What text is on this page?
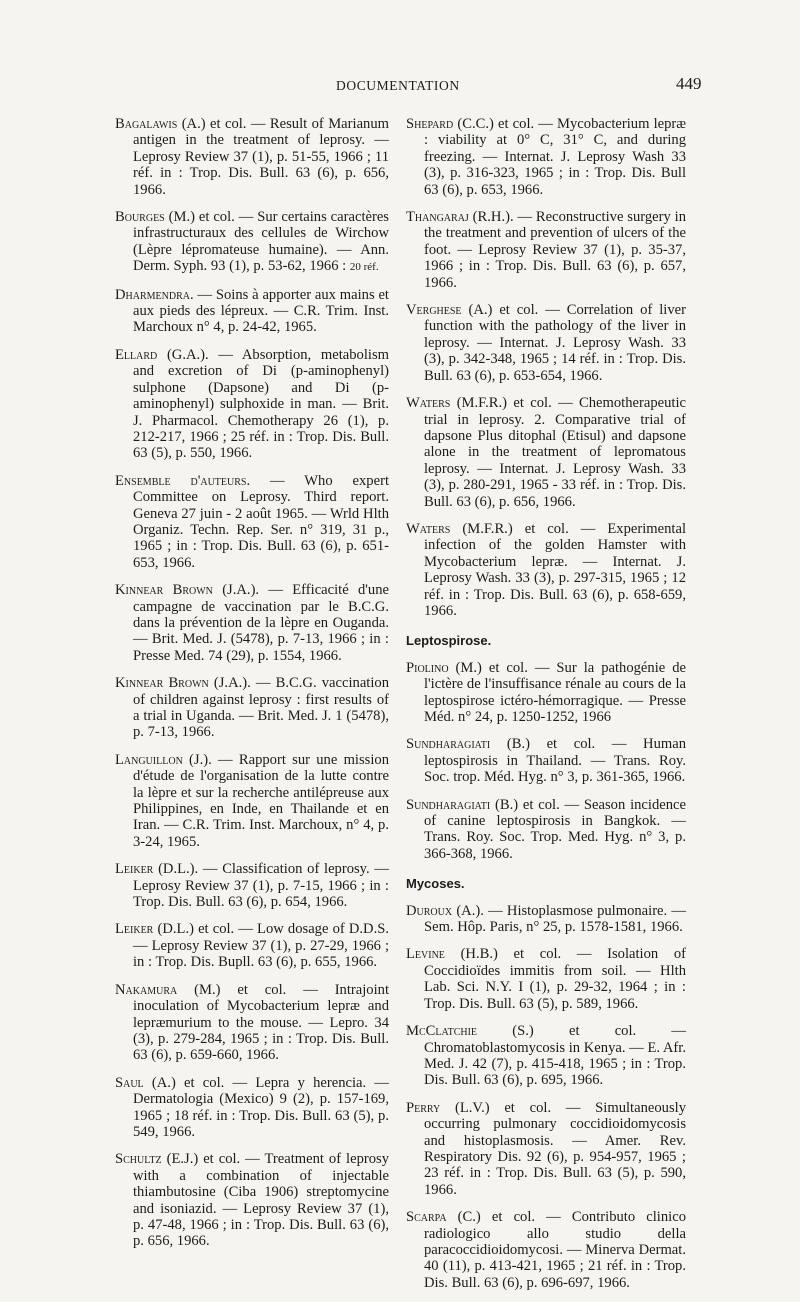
DOCUMENTATION	449

Bagalawis (A.) et col. — Result of Marianum antigen in the treatment of leprosy. — Leprosy Review 37 (1), p. 51-55, 1966 ; 11 réf. in : Trop. Dis. Bull. 63 (6), p. 656, 1966.

Bourges (M.) et col. — Sur certains caractères infrastructuraux des cellules de Wirchow (Lèpre lépromateuse humaine). — Ann. Derm. Syph. 93 (1), p. 53-62, 1966 : 20 réf.

Dharmendra. — Soins à apporter aux mains et aux pieds des lépreux. — C.R. Trim. Inst. Marchoux n° 4, p. 24-42, 1965.

Ellard (G.A.). — Absorption, metabolism and excretion of Di (p-aminophenyl) sulphone (Dapsone) and Di (p-aminophenyl) sulphoxide in man. — Brit. J. Pharmacol. Chemotherapy 26 (1), p. 212-217, 1966 ; 25 réf. in : Trop. Dis. Bull. 63 (5), p. 550, 1966.

Ensemble d'auteurs. — Who expert Committee on Leprosy. Third report. Geneva 27 juin - 2 août 1965. — Wrld Hlth Organiz. Techn. Rep. Ser. n° 319, 31 p., 1965 ; in : Trop. Dis. Bull. 63 (6), p. 651-653, 1966.

Kinnear Brown (J.A.). — Efficacité d'une campagne de vaccination par le B.C.G. dans la prévention de la lèpre en Ouganda. — Brit. Med. J. (5478), p. 7-13, 1966 ; in : Presse Med. 74 (29), p. 1554, 1966.

Kinnear Brown (J.A.). — B.C.G. vaccination of children against leprosy : first results of a trial in Uganda. — Brit. Med. J. 1 (5478), p. 7-13, 1966.

Languillon (J.). — Rapport sur une mission d'étude de l'organisation de la lutte contre la lèpre et sur la recherche antilépreuse aux Philippines, en Inde, en Thailande et en Iran. — C.R. Trim. Inst. Marchoux, n° 4, p. 3-24, 1965.

Leiker (D.L.). — Classification of leprosy. — Leprosy Review 37 (1), p. 7-15, 1966 ; in : Trop. Dis. Bull. 63 (6), p. 654, 1966.

Leiker (D.L.) et col. — Low dosage of D.D.S. — Leprosy Review 37 (1), p. 27-29, 1966 ; in : Trop. Dis. Bupll. 63 (6), p. 655, 1966.

Nakamura (M.) et col. — Intrajoint inoculation of Mycobacterium lepræ and lepræmurium to the mouse. — Lepro. 34 (3), p. 279-284, 1965 ; in : Trop. Dis. Bull. 63 (6), p. 659-660, 1966.

Saul (A.) et col. — Lepra y herencia. — Dermatologia (Mexico) 9 (2), p. 157-169, 1965 ; 18 réf. in : Trop. Dis. Bull. 63 (5), p. 549, 1966.

Schultz (E.J.) et col. — Treatment of leprosy with a combination of injectable thiambutosine (Ciba 1906) streptomycine and isoniazid. — Leprosy Review 37 (1), p. 47-48, 1966 ; in : Trop. Dis. Bull. 63 (6), p. 656, 1966.

Shepard (C.C.) et col. — Mycobacterium lepræ : viability at 0° C, 31° C, and during freezing. — Internat. J. Leprosy Wash 33 (3), p. 316-323, 1965 ; in : Trop. Dis. Bull 63 (6), p. 653, 1966.

Thangaraj (R.H.). — Reconstructive surgery in the treatment and prevention of ulcers of the foot. — Leprosy Review 37 (1), p. 35-37, 1966 ; in : Trop. Dis. Bull. 63 (6), p. 657, 1966.

Verghese (A.) et col. — Correlation of liver function with the pathology of the liver in leprosy. — Internat. J. Leprosy Wash. 33 (3), p. 342-348, 1965 ; 14 réf. in : Trop. Dis. Bull. 63 (6), p. 653-654, 1966.

Waters (M.F.R.) et col. — Chemotherapeutic trial in leprosy. 2. Comparative trial of dapsone Plus ditophal (Etisul) and dapsone alone in the treatment of lepromatous leprosy. — Internat. J. Leprosy Wash. 33 (3), p. 280-291, 1965 - 33 réf. in : Trop. Dis. Bull. 63 (6), p. 656, 1966.

Waters (M.F.R.) et col. — Experimental infection of the golden Hamster with Mycobacterium lepræ. — Internat. J. Leprosy Wash. 33 (3), p. 297-315, 1965 ; 12 réf. in : Trop. Dis. Bull. 63 (6), p. 658-659, 1966.

Leptospirose.

Piolino (M.) et col. — Sur la pathogénie de l'ictère de l'insuffisance rénale au cours de la leptospirose ictéro-hémorragique. — Presse Méd. n° 24, p. 1250-1252, 1966

Sundharagiati (B.) et col. — Human leptospirosis in Thailand. — Trans. Roy. Soc. trop. Méd. Hyg. n° 3, p. 361-365, 1966.

Sundharagiati (B.) et col. — Season incidence of canine leptospirosis in Bangkok. — Trans. Roy. Soc. Trop. Med. Hyg. n° 3, p. 366-368, 1966.

Mycoses.

Duroux (A.). — Histoplasmose pulmonaire. — Sem. Hôp. Paris, n° 25, p. 1578-1581, 1966.

Levine (H.B.) et col. — Isolation of Coccidioïdes immitis from soil. — Hlth Lab. Sci. N.Y. I (1), p. 29-32, 1964 ; in : Trop. Dis. Bull. 63 (5), p. 589, 1966.

McClatchie (S.) et col. — Chromatoblastomycosis in Kenya. — E. Afr. Med. J. 42 (7), p. 415-418, 1965 ; in : Trop. Dis. Bull. 63 (6), p. 695, 1966.

Perry (L.V.) et col. — Simultaneously occurring pulmonary coccidioidomycosis and histoplasmosis. — Amer. Rev. Respiratory Dis. 92 (6), p. 954-957, 1965 ; 23 réf. in : Trop. Dis. Bull. 63 (5), p. 590, 1966.

Scarpa (C.) et col. — Contributo clinico radiologico allo studio della paracoccidioidomycosi. — Minerva Dermat. 40 (11), p. 413-421, 1965 ; 21 réf. in : Trop. Dis. Bull. 63 (6), p. 696-697, 1966.
